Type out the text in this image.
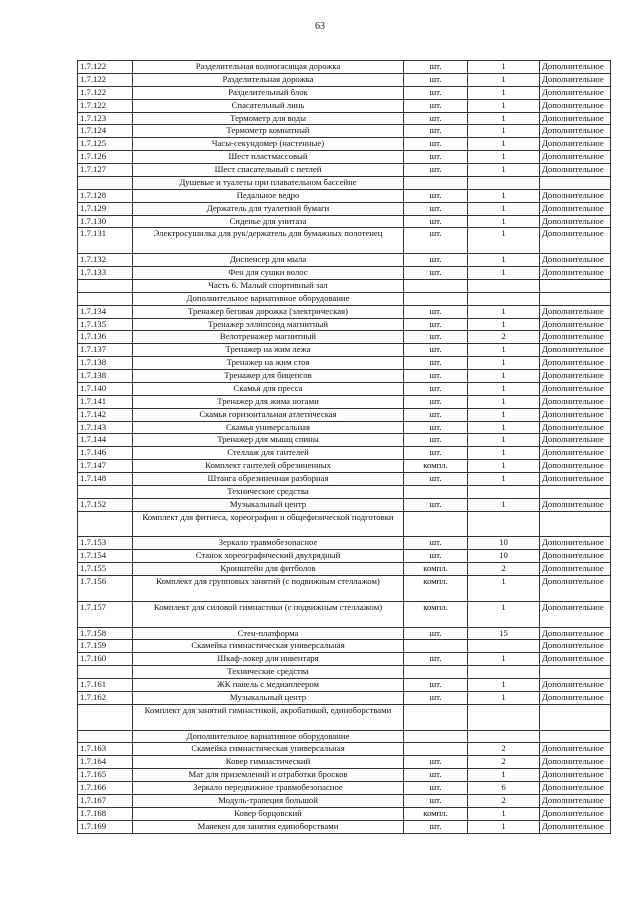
63
1.7.122	Разделительная волногасящая дорожка	шт.	1	Дополнительное
1.7.122	Разделительная дорожка	шт.	1	Дополнительное
1.7.122	Разделительный блок	шт.	1	Дополнительное
1.7.122	Спасательный линь	шт.	1	Дополнительное
1.7.123	Термометр для воды	шт.	1	Дополнительное
1.7.124	Термометр комнатный	шт.	1	Дополнительное
1.7.125	Часы-секундомер (настенные)	шт.	1	Дополнительное
1.7.126	Шест пластмассовый	шт.	1	Дополнительное
1.7.127	Шест спасательный с петлей	шт.	1	Дополнительное
	Душевые и туалеты при плавательном бассейне			
1.7.128	Педальное ведро	шт.	1	Дополнительное
1.7.129	Держатель для туалетной бумаги	шт.	1	Дополнительное
1.7.130	Сиденье для унитаза	шт.	1	Дополнительное
1.7.131	Электросушилка для рук/держатель для бумажных полотенец	шт.	1	Дополнительное
1.7.132	Диспенсер для мыла	шт.	1	Дополнительное
1.7.133	Фен для сушки волос	шт.	1	Дополнительное
	Часть 6. Малый спортивный зал			
	Дополнительное вариативное оборудование			
1.7.134	Тренажер беговая дорожка (электрическая)	шт.	1	Дополнительное
1.7.135	Тренажер эллипсоид магнитный	шт.	1	Дополнительное
1.7.136	Велотренажер магнитный	шт.	2	Дополнительное
1.7.137	Тренажер на жим лежа	шт.	1	Дополнительное
1.7.138	Тренажер на жим стоя	шт.	1	Дополнительное
1.7.138	Тренажер для бицепсов	шт.	1	Дополнительное
1.7.140	Скамья для пресса	шт.	1	Дополнительное
1.7.141	Тренажер для жима ногами	шт.	1	Дополнительное
1.7.142	Скамья горизонтальная атлетическая	шт.	1	Дополнительное
1.7.143	Скамья универсальная	шт.	1	Дополнительное
1.7.144	Тренажер для мышц спины	шт.	1	Дополнительное
1.7.146	Стеллаж для гантелей	шт.	1	Дополнительное
1.7.147	Комплект гантелей обрезиненных	компл.	1	Дополнительное
1.7.148	Штанга обрезиненная разборная	шт.	1	Дополнительное
	Технические средства			
1.7.152	Музыкальный центр	шт.	1	Дополнительное
	Комплект для фитнеса, хореографии и общефизической подготовки			
1.7.153	Зеркало травмобезопасное	шт.	10	Дополнительное
1.7.154	Станок хореографический двухрядный	шт.	10	Дополнительное
1.7.155	Кронштейн для фитболов	компл.	2	Дополнительное
1.7.156	Комплект для групповых занятий (с подвижным стеллажом)	компл.	1	Дополнительное
1.7.157	Комплект для силовой гимнастики (с подвижным стеллажом)	компл.	1	Дополнительное
1.7.158	Стен-платформа	шт.	15	Дополнительное
1.7.159	Скамейка гимнастическая универсальная			Дополнительное
1.7.160	Шкаф-локер для инвентаря	шт.	1	Дополнительное
	Технические средства			
1.7.161	ЖК панель с медиаплеером	шт.	1	Дополнительное
1.7.162	Музыкальный центр	шт.	1	Дополнительное
	Комплект для занятий гимнастикой, акробатикой, единоборствами			
	Дополнительное вариативное оборудование			
1.7.163	Скамейка гимнастическая универсальная		2	Дополнительное
1.7.164	Ковер гимнастический	шт.	2	Дополнительное
1.7.165	Мат для приземлений и отработки бросков	шт.	1	Дополнительное
1.7.166	Зеркало передвижное травмобезопасное	шт.	6	Дополнительное
1.7.167	Модуль-трапеция большой	шт.	2	Дополнительное
1.7.168	Ковер борцовский	компл.	1	Дополнительное
1.7.169	Манекен для занятия единоборствами	шт.	1	Дополнительное
